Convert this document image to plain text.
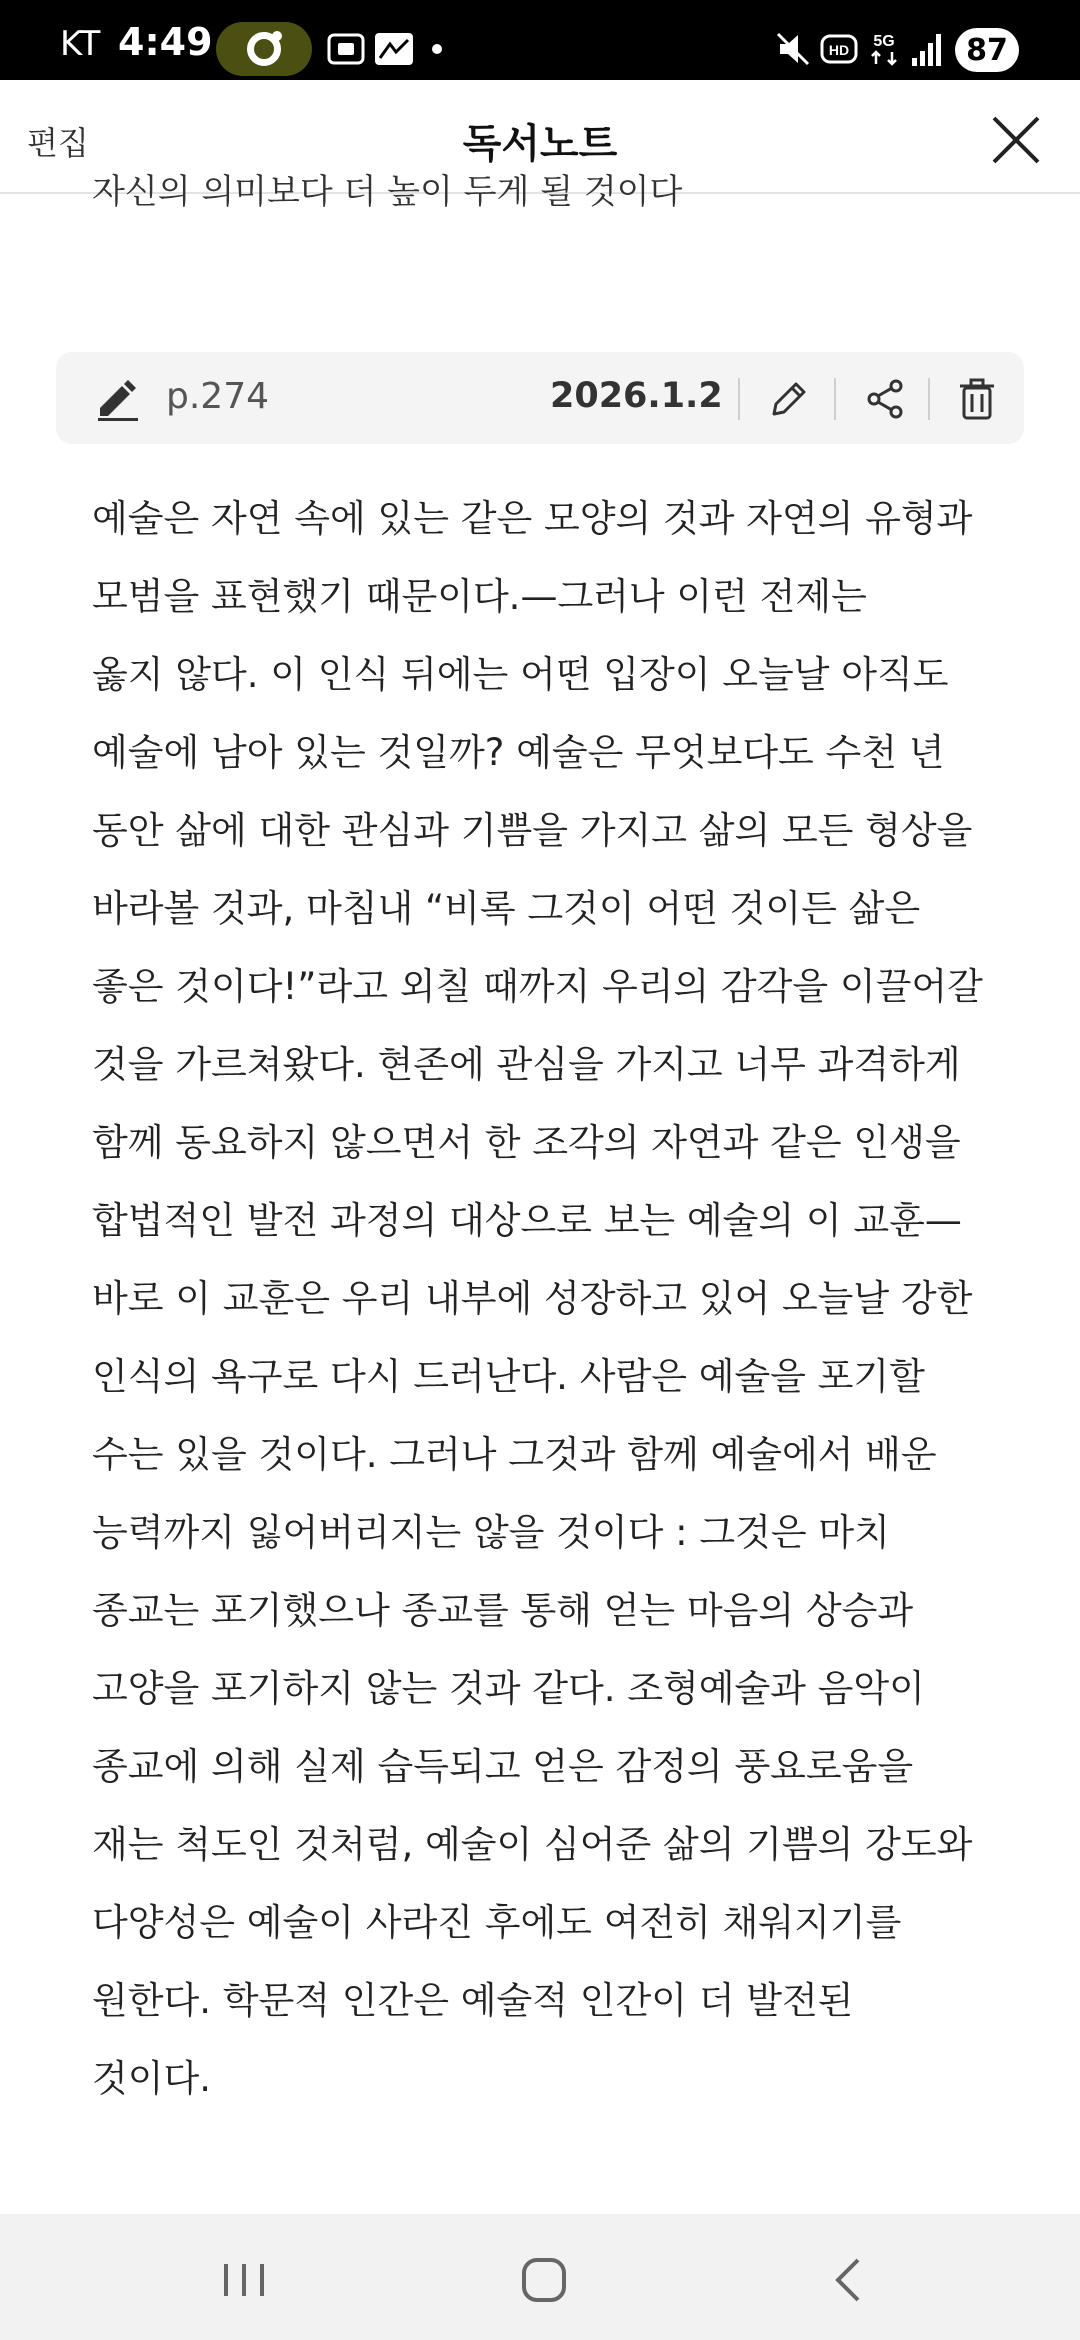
KT 4:49	HD 5G	87
편집	독서노트
자신의 의미보다 더 높이 두게 될 것이다
p.274	2026.1.2
예술은 자연 속에 있는 같은 모양의 것과 자연의 유형과
모범을 표현했기 때문이다.—그러나 이런 전제는
옳지 않다. 이 인식 뒤에는 어떤 입장이 오늘날 아직도
예술에 남아 있는 것일까? 예술은 무엇보다도 수천 년
동안 삶에 대한 관심과 기쁨을 가지고 삶의 모든 형상을
바라볼 것과, 마침내 “비록 그것이 어떤 것이든 삶은
좋은 것이다!”라고 외칠 때까지 우리의 감각을 이끌어갈
것을 가르쳐왔다. 현존에 관심을 가지고 너무 과격하게
함께 동요하지 않으면서 한 조각의 자연과 같은 인생을
합법적인 발전 과정의 대상으로 보는 예술의 이 교훈—
바로 이 교훈은 우리 내부에 성장하고 있어 오늘날 강한
인식의 욕구로 다시 드러난다. 사람은 예술을 포기할
수는 있을 것이다. 그러나 그것과 함께 예술에서 배운
능력까지 잃어버리지는 않을 것이다 : 그것은 마치
종교는 포기했으나 종교를 통해 얻는 마음의 상승과
고양을 포기하지 않는 것과 같다. 조형예술과 음악이
종교에 의해 실제 습득되고 얻은 감정의 풍요로움을
재는 척도인 것처럼, 예술이 심어준 삶의 기쁨의 강도와
다양성은 예술이 사라진 후에도 여전히 채워지기를
원한다. 학문적 인간은 예술적 인간이 더 발전된
것이다.
